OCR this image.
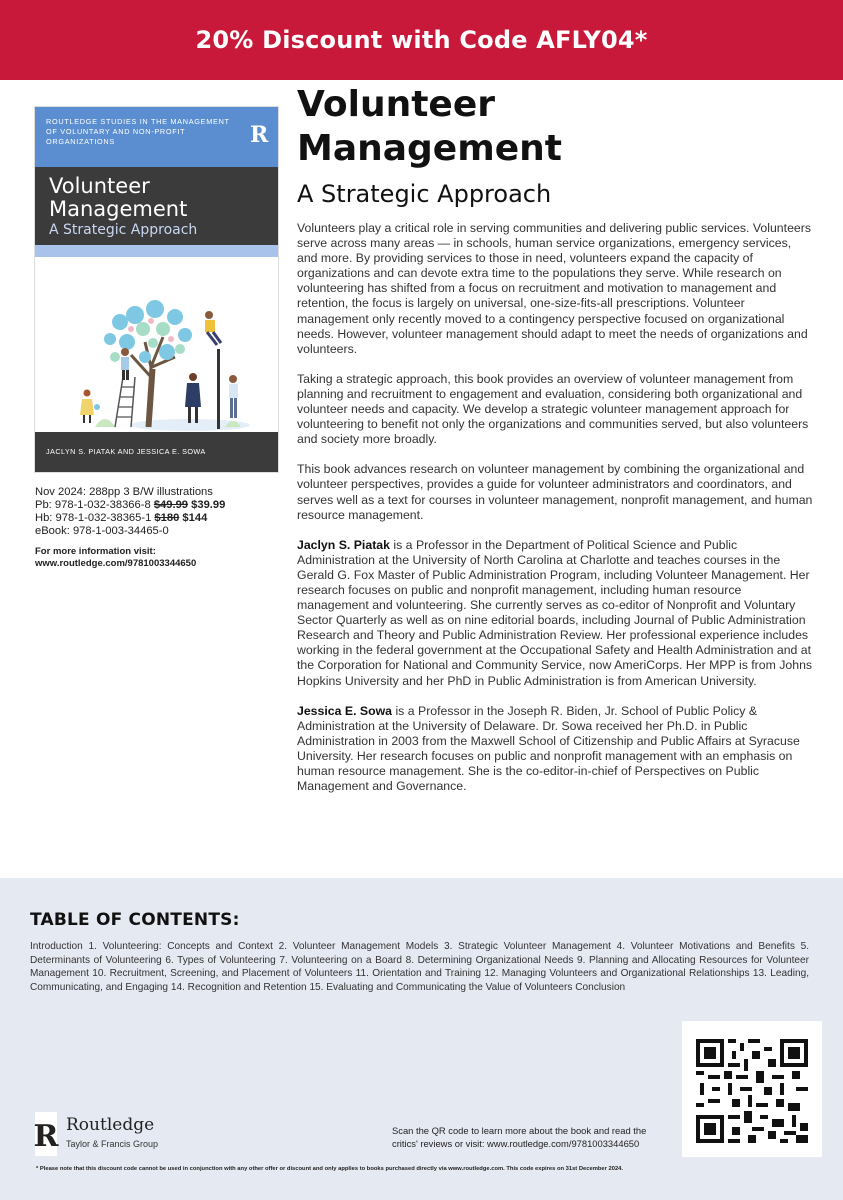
20% Discount with Code AFLY04*
ROUTLEDGE STUDIES IN THE MANAGEMENT OF VOLUNTARY AND NON-PROFIT ORGANIZATIONS	R
Volunteer
Management
A Strategic Approach
JACLYN S. PIATAK AND JESSICA E. SOWA
Nov 2024: 288pp 3 B/W illustrations
Pb: 978-1-032-38366-8 $49.99 $39.99
Hb: 978-1-032-38365-1 $180 $144
eBook: 978-1-003-34465-0
For more information visit:
www.routledge.com/9781003344650
Volunteer
Management
A Strategic Approach

Volunteers play a critical role in serving communities and delivering public services. Volunteers serve across many areas — in schools, human service organizations, emergency services, and more. By providing services to those in need, volunteers expand the capacity of organizations and can devote extra time to the populations they serve. While research on volunteering has shifted from a focus on recruitment and motivation to management and retention, the focus is largely on universal, one-size-fits-all prescriptions. Volunteer management only recently moved to a contingency perspective focused on organizational needs. However, volunteer management should adapt to meet the needs of organizations and volunteers.

Taking a strategic approach, this book provides an overview of volunteer management from planning and recruitment to engagement and evaluation, considering both organizational and volunteer needs and capacity. We develop a strategic volunteer management approach for volunteering to benefit not only the organizations and communities served, but also volunteers and society more broadly.

This book advances research on volunteer management by combining the organizational and volunteer perspectives, provides a guide for volunteer administrators and coordinators, and serves well as a text for courses in volunteer management, nonprofit management, and human resource management.

Jaclyn S. Piatak is a Professor in the Department of Political Science and Public Administration at the University of North Carolina at Charlotte and teaches courses in the Gerald G. Fox Master of Public Administration Program, including Volunteer Management. Her research focuses on public and nonprofit management, including human resource management and volunteering. She currently serves as co-editor of Nonprofit and Voluntary Sector Quarterly as well as on nine editorial boards, including Journal of Public Administration Research and Theory and Public Administration Review. Her professional experience includes working in the federal government at the Occupational Safety and Health Administration and at the Corporation for National and Community Service, now AmeriCorps. Her MPP is from Johns Hopkins University and her PhD in Public Administration is from American University.

Jessica E. Sowa is a Professor in the Joseph R. Biden, Jr. School of Public Policy & Administration at the University of Delaware. Dr. Sowa received her Ph.D. in Public Administration in 2003 from the Maxwell School of Citizenship and Public Affairs at Syracuse University. Her research focuses on public and nonprofit management with an emphasis on human resource management. She is the co-editor-in-chief of Perspectives on Public Management and Governance.

TABLE OF CONTENTS:
Introduction 1. Volunteering: Concepts and Context 2. Volunteer Management Models 3. Strategic Volunteer Management 4. Volunteer Motivations and Benefits 5. Determinants of Volunteering 6. Types of Volunteering 7. Volunteering on a Board 8. Determining Organizational Needs 9. Planning and Allocating Resources for Volunteer Management 10. Recruitment, Screening, and Placement of Volunteers 11. Orientation and Training 12. Managing Volunteers and Organizational Relationships 13. Leading, Communicating, and Engaging 14. Recognition and Retention 15. Evaluating and Communicating the Value of Volunteers Conclusion
R Routledge
Taylor & Francis Group
Scan the QR code to learn more about the book and read the
critics' reviews or visit: www.routledge.com/9781003344650
* Please note that this discount code cannot be used in conjunction with any other offer or discount and only applies to books purchased directly via www.routledge.com. This code expires on 31st December 2024.
